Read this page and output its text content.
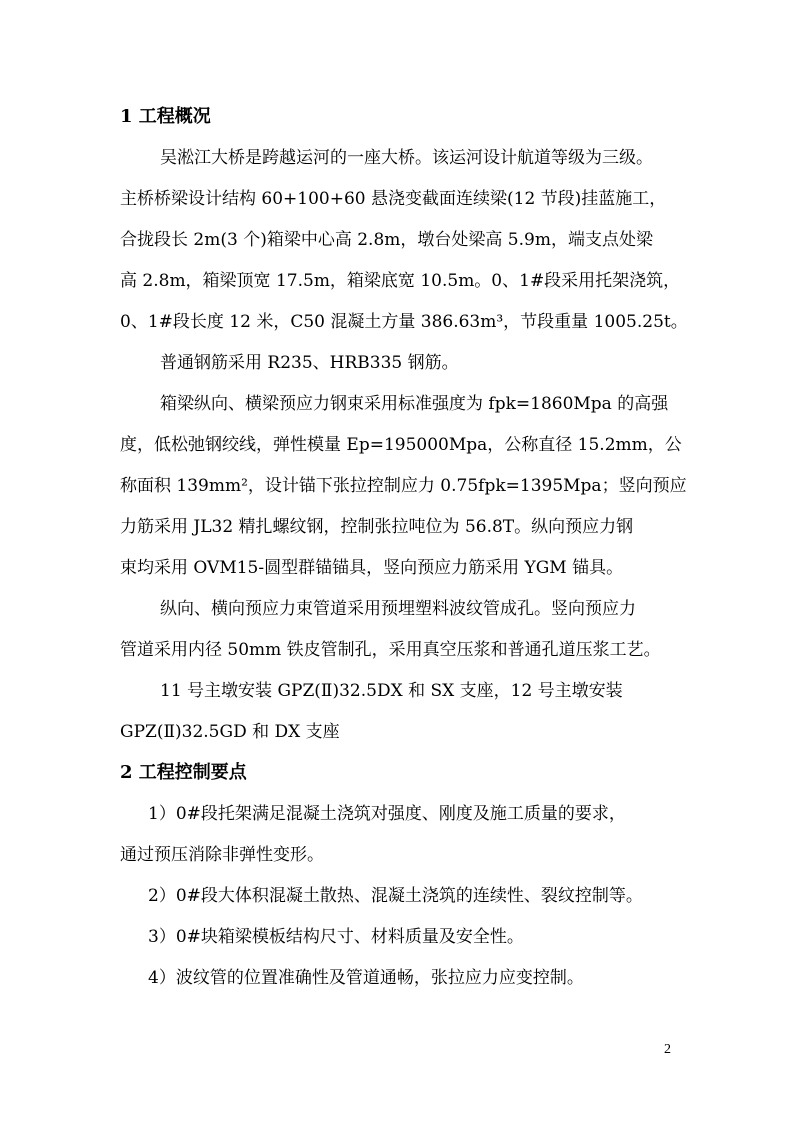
1 工程概况
吴淞江大桥是跨越运河的一座大桥。该运河设计航道等级为三级。
主桥桥梁设计结构 60+100+60 悬浇变截面连续梁(12 节段)挂蓝施工，
合拢段长 2m(3 个)箱梁中心高 2.8m，墩台处梁高 5.9m，端支点处梁
高 2.8m，箱梁顶宽 17.5m，箱梁底宽 10.5m。0、1#段采用托架浇筑，
0、1#段长度 12 米，C50 混凝土方量 386.63m³，节段重量 1005.25t。
普通钢筋采用 R235、HRB335 钢筋。
箱梁纵向、横梁预应力钢束采用标准强度为 fpk=1860Mpa 的高强
度，低松弛钢绞线，弹性模量 Ep=195000Mpa，公称直径 15.2mm，公
称面积 139mm²，设计锚下张拉控制应力 0.75fpk=1395Mpa；竖向预应
力筋采用 JL32 精扎螺纹钢，控制张拉吨位为 56.8T。纵向预应力钢
束均采用 OVM15-圆型群锚锚具，竖向预应力筋采用 YGM 锚具。
纵向、横向预应力束管道采用预埋塑料波纹管成孔。竖向预应力
管道采用内径 50mm 铁皮管制孔，采用真空压浆和普通孔道压浆工艺。
11 号主墩安装 GPZ(Ⅱ)32.5DX 和 SX 支座，12 号主墩安装
GPZ(Ⅱ)32.5GD 和 DX 支座
2 工程控制要点
1）0#段托架满足混凝土浇筑对强度、刚度及施工质量的要求，
通过预压消除非弹性变形。
2）0#段大体积混凝土散热、混凝土浇筑的连续性、裂纹控制等。
3）0#块箱梁模板结构尺寸、材料质量及安全性。
4）波纹管的位置准确性及管道通畅，张拉应力应变控制。
2
